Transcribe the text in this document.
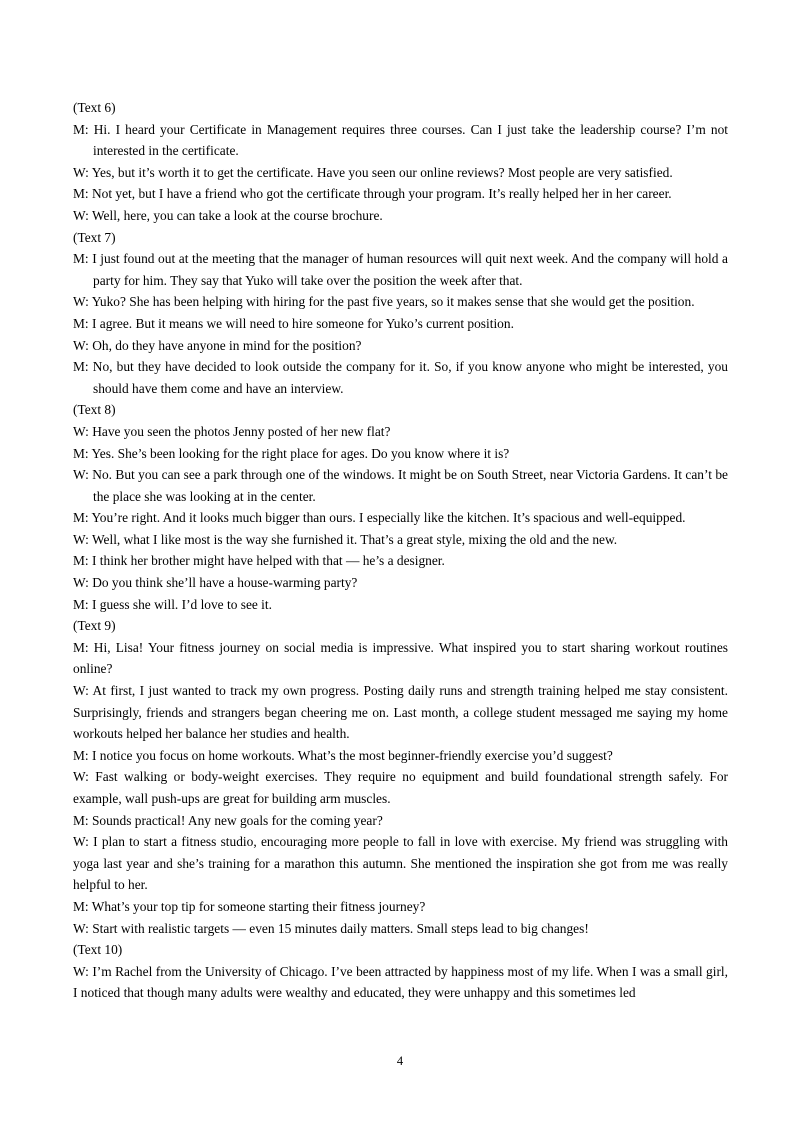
(Text 6)

M: Hi. I heard your Certificate in Management requires three courses. Can I just take the leadership course? I’m not interested in the certificate.

W: Yes, but it’s worth it to get the certificate. Have you seen our online reviews? Most people are very satisfied.

M: Not yet, but I have a friend who got the certificate through your program. It’s really helped her in her career.

W: Well, here, you can take a look at the course brochure.

(Text 7)

M: I just found out at the meeting that the manager of human resources will quit next week. And the company will hold a party for him. They say that Yuko will take over the position the week after that.

W: Yuko? She has been helping with hiring for the past five years, so it makes sense that she would get the position.

M: I agree. But it means we will need to hire someone for Yuko’s current position.

W: Oh, do they have anyone in mind for the position?

M: No, but they have decided to look outside the company for it. So, if you know anyone who might be interested, you should have them come and have an interview.

(Text 8)

W: Have you seen the photos Jenny posted of her new flat?

M: Yes. She’s been looking for the right place for ages. Do you know where it is?

W: No. But you can see a park through one of the windows. It might be on South Street, near Victoria Gardens. It can’t be the place she was looking at in the center.

M: You’re right. And it looks much bigger than ours. I especially like the kitchen. It’s spacious and well-equipped.

W: Well, what I like most is the way she furnished it. That’s a great style, mixing the old and the new.

M: I think her brother might have helped with that — he’s a designer.

W: Do you think she’ll have a house-warming party?

M: I guess she will. I’d love to see it.

(Text 9)

M: Hi, Lisa! Your fitness journey on social media is impressive. What inspired you to start sharing workout routines online?

W: At first, I just wanted to track my own progress. Posting daily runs and strength training helped me stay consistent. Surprisingly, friends and strangers began cheering me on. Last month, a college student messaged me saying my home workouts helped her balance her studies and health.

M: I notice you focus on home workouts. What’s the most beginner-friendly exercise you’d suggest?

W: Fast walking or body-weight exercises. They require no equipment and build foundational strength safely. For example, wall push-ups are great for building arm muscles.

M: Sounds practical! Any new goals for the coming year?

W: I plan to start a fitness studio, encouraging more people to fall in love with exercise. My friend was struggling with yoga last year and she’s training for a marathon this autumn. She mentioned the inspiration she got from me was really helpful to her.

M: What’s your top tip for someone starting their fitness journey?

W: Start with realistic targets — even 15 minutes daily matters. Small steps lead to big changes!

(Text 10)

W: I’m Rachel from the University of Chicago. I’ve been attracted by happiness most of my life. When I was a small girl, I noticed that though many adults were wealthy and educated, they were unhappy and this sometimes led

4
